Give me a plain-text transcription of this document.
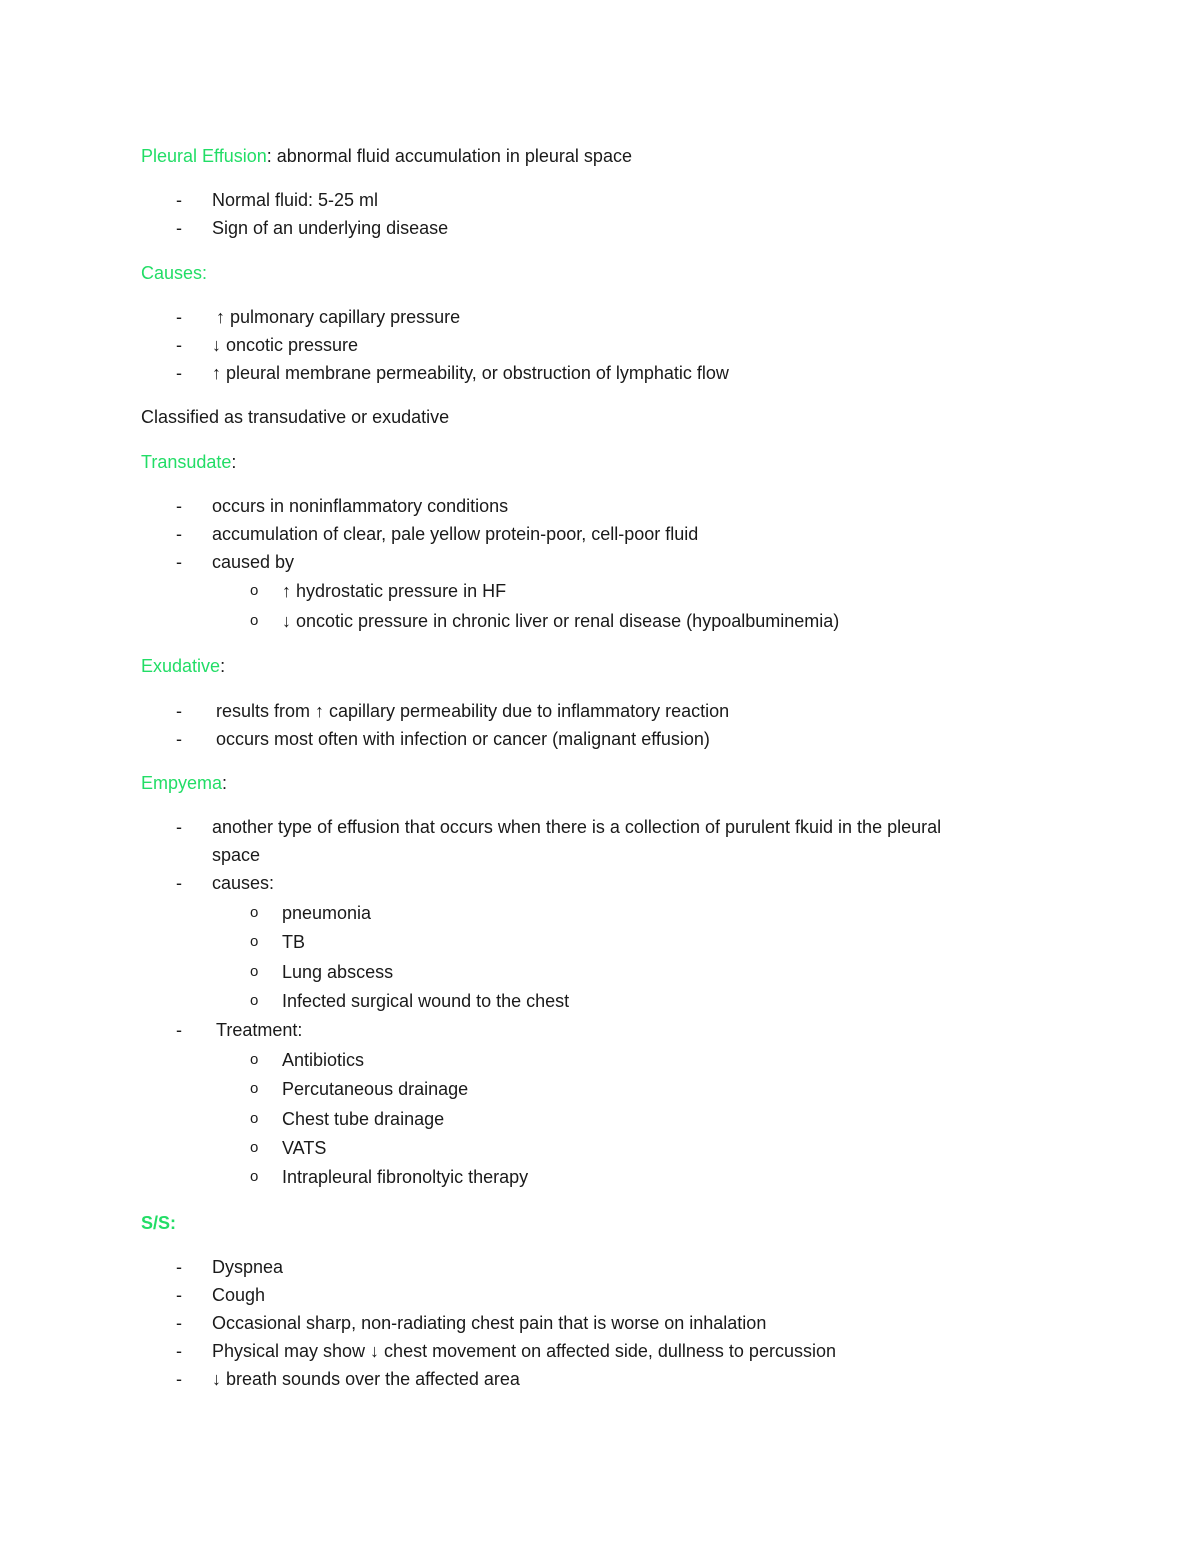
Pleural Effusion: abnormal fluid accumulation in pleural space
- Normal fluid: 5-25 ml
- Sign of an underlying disease
Causes:
- ↑ pulmonary capillary pressure
- ↓ oncotic pressure
- ↑ pleural membrane permeability, or obstruction of lymphatic flow
Classified as transudative or exudative
Transudate:
- occurs in noninflammatory conditions
- accumulation of clear, pale yellow protein-poor, cell-poor fluid
- caused by
o ↑ hydrostatic pressure in HF
o ↓ oncotic pressure in chronic liver or renal disease (hypoalbuminemia)
Exudative:
- results from ↑ capillary permeability due to inflammatory reaction
- occurs most often with infection or cancer (malignant effusion)
Empyema:
- another type of effusion that occurs when there is a collection of purulent fkuid in the pleural
space
- causes:
o pneumonia
o TB
o Lung abscess
o Infected surgical wound to the chest
- Treatment:
o Antibiotics
o Percutaneous drainage
o Chest tube drainage
o VATS
o Intrapleural fibronoltyic therapy
S/S:
- Dyspnea
- Cough
- Occasional sharp, non-radiating chest pain that is worse on inhalation
- Physical may show ↓ chest movement on affected side, dullness to percussion
- ↓ breath sounds over the affected area
